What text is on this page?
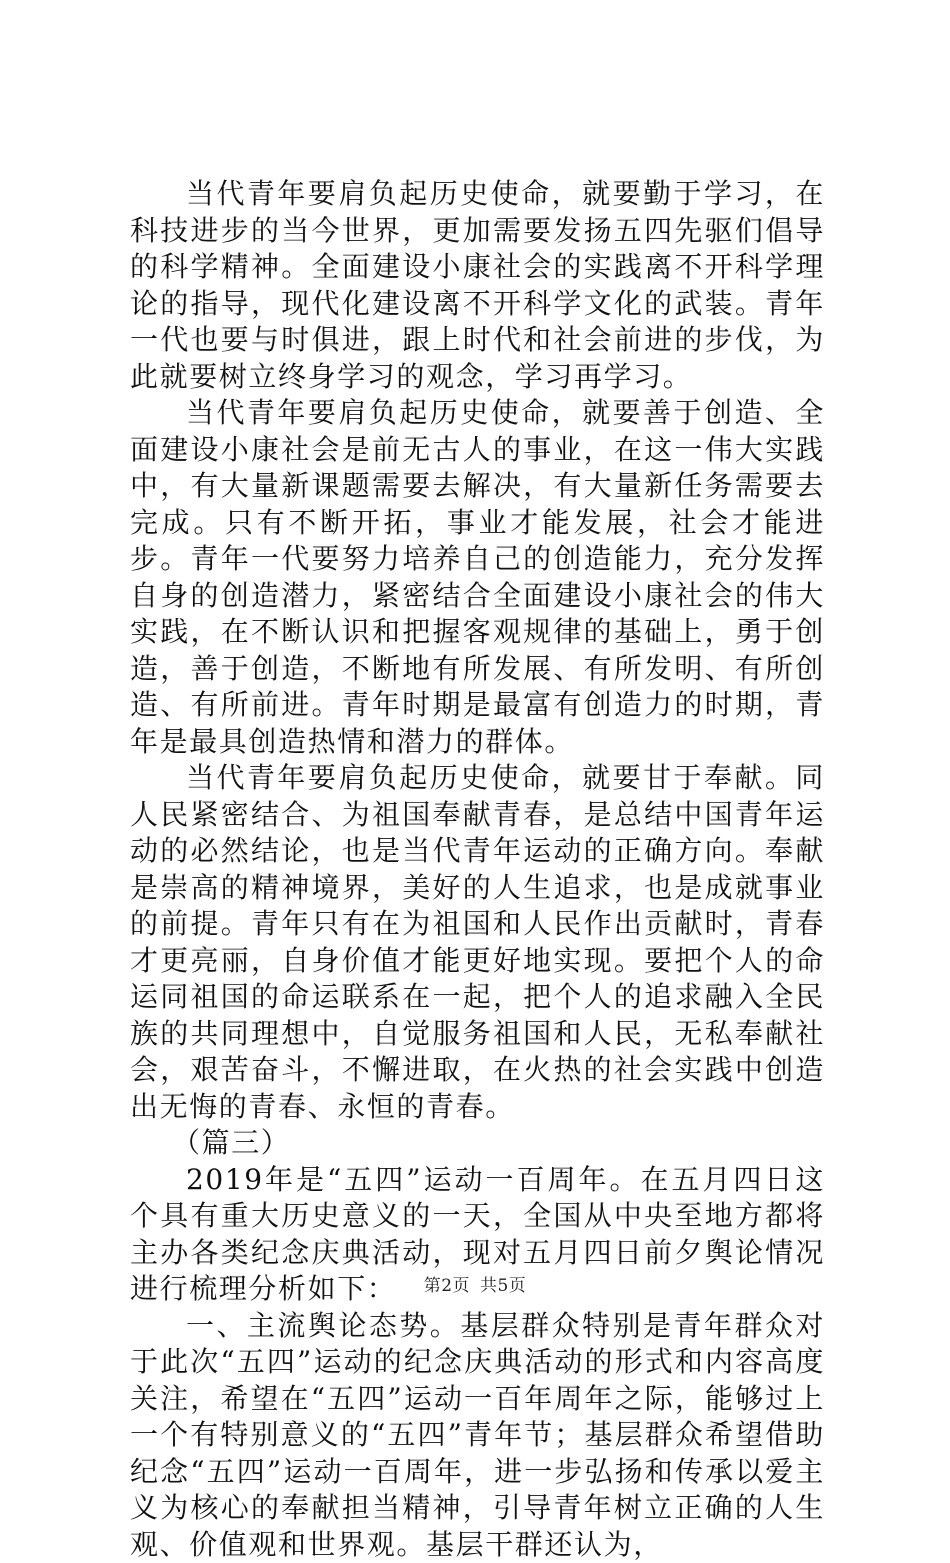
当代青年要肩负起历史使命，就要勤于学习，在科技进步的当今世界，更加需要发扬五四先驱们倡导的科学精神。全面建设小康社会的实践离不开科学理论的指导，现代化建设离不开科学文化的武装。青年一代也要与时俱进，跟上时代和社会前进的步伐，为此就要树立终身学习的观念，学习再学习。

当代青年要肩负起历史使命，就要善于创造、全面建设小康社会是前无古人的事业，在这一伟大实践中，有大量新课题需要去解决，有大量新任务需要去完成。只有不断开拓，事业才能发展，社会才能进步。青年一代要努力培养自己的创造能力，充分发挥自身的创造潜力，紧密结合全面建设小康社会的伟大实践，在不断认识和把握客观规律的基础上，勇于创造，善于创造，不断地有所发展、有所发明、有所创造、有所前进。青年时期是最富有创造力的时期，青年是最具创造热情和潜力的群体。

当代青年要肩负起历史使命，就要甘于奉献。同人民紧密结合、为祖国奉献青春，是总结中国青年运动的必然结论，也是当代青年运动的正确方向。奉献是崇高的精神境界，美好的人生追求，也是成就事业的前提。青年只有在为祖国和人民作出贡献时，青春才更亮丽，自身价值才能更好地实现。要把个人的命运同祖国的命运联系在一起，把个人的追求融入全民族的共同理想中，自觉服务祖国和人民，无私奉献社会，艰苦奋斗，不懈进取，在火热的社会实践中创造出无悔的青春、永恒的青春。

（篇三）

2019年是“五四”运动一百周年。在五月四日这个具有重大历史意义的一天，全国从中央至地方都将主办各类纪念庆典活动，现对五月四日前夕舆论情况进行梳理分析如下：

一、主流舆论态势。基层群众特别是青年群众对于此次“五四”运动的纪念庆典活动的形式和内容高度关注，希望在“五四”运动一百年周年之际，能够过上一个有特别意义的“五四”青年节；基层群众希望借助纪念“五四”运动一百周年，进一步弘扬和传承以爱主义为核心的奉献担当精神，引导青年树立正确的人生观、价值观和世界观。基层干群还认为，

第2页 共5页
